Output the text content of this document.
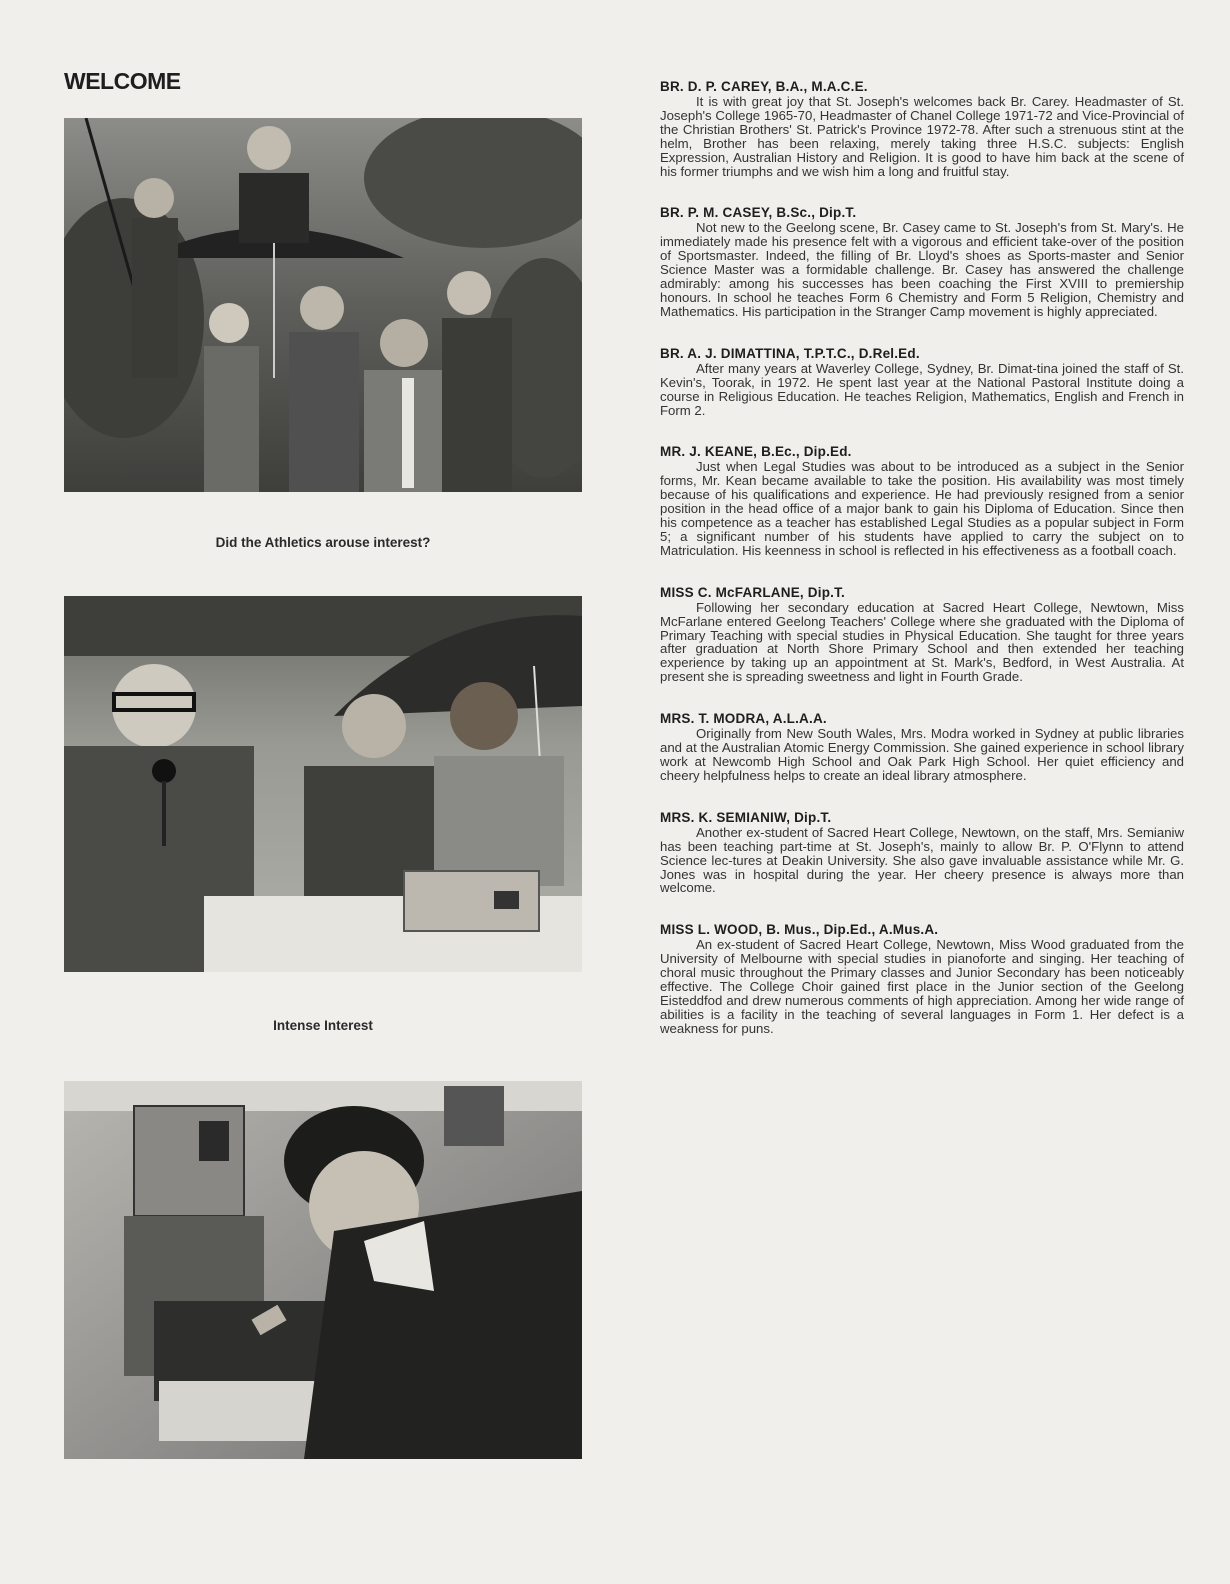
WELCOME
Did the Athletics arouse interest?
Intense Interest
BR. D. P. CAREY, B.A., M.A.C.E.

It is with great joy that St. Joseph's welcomes back Br. Carey. Headmaster of St. Joseph's College 1965-70, Headmaster of Chanel College 1971-72 and Vice-Provincial of the Christian Brothers' St. Patrick's Province 1972-78. After such a strenuous stint at the helm, Brother has been relaxing, merely taking three H.S.C. subjects: English Expression, Australian History and Religion. It is good to have him back at the scene of his former triumphs and we wish him a long and fruitful stay.

BR. P. M. CASEY, B.Sc., Dip.T.

Not new to the Geelong scene, Br. Casey came to St. Joseph's from St. Mary's. He immediately made his presence felt with a vigorous and efficient take-over of the position of Sportsmaster. Indeed, the filling of Br. Lloyd's shoes as Sports-master and Senior Science Master was a formidable challenge. Br. Casey has answered the challenge admirably: among his successes has been coaching the First XVIII to premiership honours. In school he teaches Form 6 Chemistry and Form 5 Religion, Chemistry and Mathematics. His participation in the Stranger Camp movement is highly appreciated.

BR. A. J. DIMATTINA, T.P.T.C., D.Rel.Ed.

After many years at Waverley College, Sydney, Br. Dimat-tina joined the staff of St. Kevin's, Toorak, in 1972. He spent last year at the National Pastoral Institute doing a course in Religious Education. He teaches Religion, Mathematics, English and French in Form 2.

MR. J. KEANE, B.Ec., Dip.Ed.

Just when Legal Studies was about to be introduced as a subject in the Senior forms, Mr. Kean became available to take the position. His availability was most timely because of his qualifications and experience. He had previously resigned from a senior position in the head office of a major bank to gain his Diploma of Education. Since then his competence as a teacher has established Legal Studies as a popular subject in Form 5; a significant number of his students have applied to carry the subject on to Matriculation. His keenness in school is reflected in his effectiveness as a football coach.

MISS C. McFARLANE, Dip.T.

Following her secondary education at Sacred Heart College, Newtown, Miss McFarlane entered Geelong Teachers' College where she graduated with the Diploma of Primary Teaching with special studies in Physical Education. She taught for three years after graduation at North Shore Primary School and then extended her teaching experience by taking up an appointment at St. Mark's, Bedford, in West Australia. At present she is spreading sweetness and light in Fourth Grade.

MRS. T. MODRA, A.L.A.A.

Originally from New South Wales, Mrs. Modra worked in Sydney at public libraries and at the Australian Atomic Energy Commission. She gained experience in school library work at Newcomb High School and Oak Park High School. Her quiet efficiency and cheery helpfulness helps to create an ideal library atmosphere.

MRS. K. SEMIANIW, Dip.T.

Another ex-student of Sacred Heart College, Newtown, on the staff, Mrs. Semianiw has been teaching part-time at St. Joseph's, mainly to allow Br. P. O'Flynn to attend Science lec-tures at Deakin University. She also gave invaluable assistance while Mr. G. Jones was in hospital during the year. Her cheery presence is always more than welcome.

MISS L. WOOD, B. Mus., Dip.Ed., A.Mus.A.

An ex-student of Sacred Heart College, Newtown, Miss Wood graduated from the University of Melbourne with special studies in pianoforte and singing. Her teaching of choral music throughout the Primary classes and Junior Secondary has been noticeably effective. The College Choir gained first place in the Junior section of the Geelong Eisteddfod and drew numerous comments of high appreciation. Among her wide range of abilities is a facility in the teaching of several languages in Form 1. Her defect is a weakness for puns.
